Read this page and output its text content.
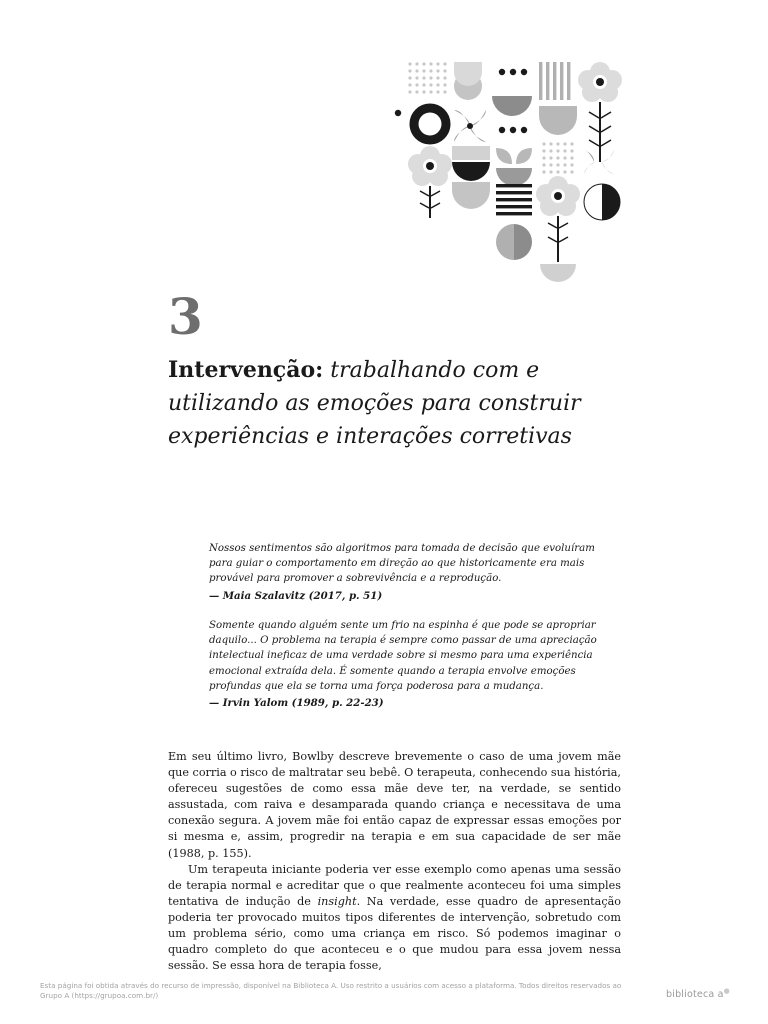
3
Intervenção: trabalhando com e utilizando as emoções para construir experiências e interações corretivas

Nossos sentimentos são algoritmos para tomada de decisão que evoluíram para guiar o comportamento em direção ao que historicamente era mais provável para promover a sobrevivência e a reprodução.

— Maia Szalavitz (2017, p. 51)

Somente quando alguém sente um frio na espinha é que pode se apropriar daquilo... O problema na terapia é sempre como passar de uma apreciação intelectual ineficaz de uma verdade sobre si mesmo para uma experiência emocional extraída dela. É somente quando a terapia envolve emoções profundas que ela se torna uma força poderosa para a mudança.

— Irvin Yalom (1989, p. 22-23)

Em seu último livro, Bowlby descreve brevemente o caso de uma jovem mãe que corria o risco de maltratar seu bebê. O terapeuta, conhecendo sua história, ofereceu sugestões de como essa mãe deve ter, na verdade, se sentido assustada, com raiva e desamparada quando criança e necessitava de uma conexão segura. A jovem mãe foi então capaz de expressar essas emoções por si mesma e, assim, progredir na terapia e em sua capacidade de ser mãe (1988, p. 155).

Um terapeuta iniciante poderia ver esse exemplo como apenas uma sessão de terapia normal e acreditar que o que realmente aconteceu foi uma simples tentativa de indução de insight. Na verdade, esse quadro de apresentação poderia ter provocado muitos tipos diferentes de intervenção, sobretudo com um problema sério, como uma criança em risco. Só podemos imaginar o quadro completo do que aconteceu e o que mudou para essa jovem nessa sessão. Se essa hora de terapia fosse,

Esta página foi obtida através do recurso de impressão, disponível na Biblioteca A. Uso restrito a usuários com acesso a plataforma. Todos direitos reservados ao Grupo A (https://grupoa.com.br/)	biblioteca a●
